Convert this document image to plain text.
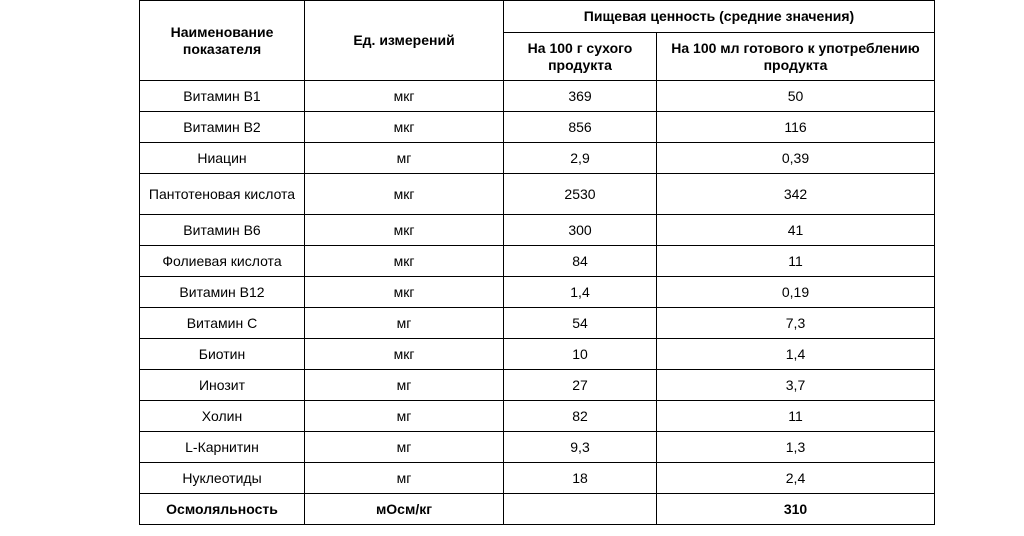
Наименование показателя	Ед. измерений	Пищевая ценность (средние значения)	
		На 100 г сухого продукта	На 100 мл готового к употреблению продукта
Витамин В1	мкг	369	50
Витамин В2	мкг	856	116
Ниацин	мг	2,9	0,39
Пантотеновая кислота	мкг	2530	342
Витамин В6	мкг	300	41
Фолиевая кислота	мкг	84	11
Витамин В12	мкг	1,4	0,19
Витамин С	мг	54	7,3
Биотин	мкг	10	1,4
Инозит	мг	27	3,7
Холин	мг	82	11
L-Карнитин	мг	9,3	1,3
Нуклеотиды	мг	18	2,4
Осмоляльность	мОсм/кг		310
